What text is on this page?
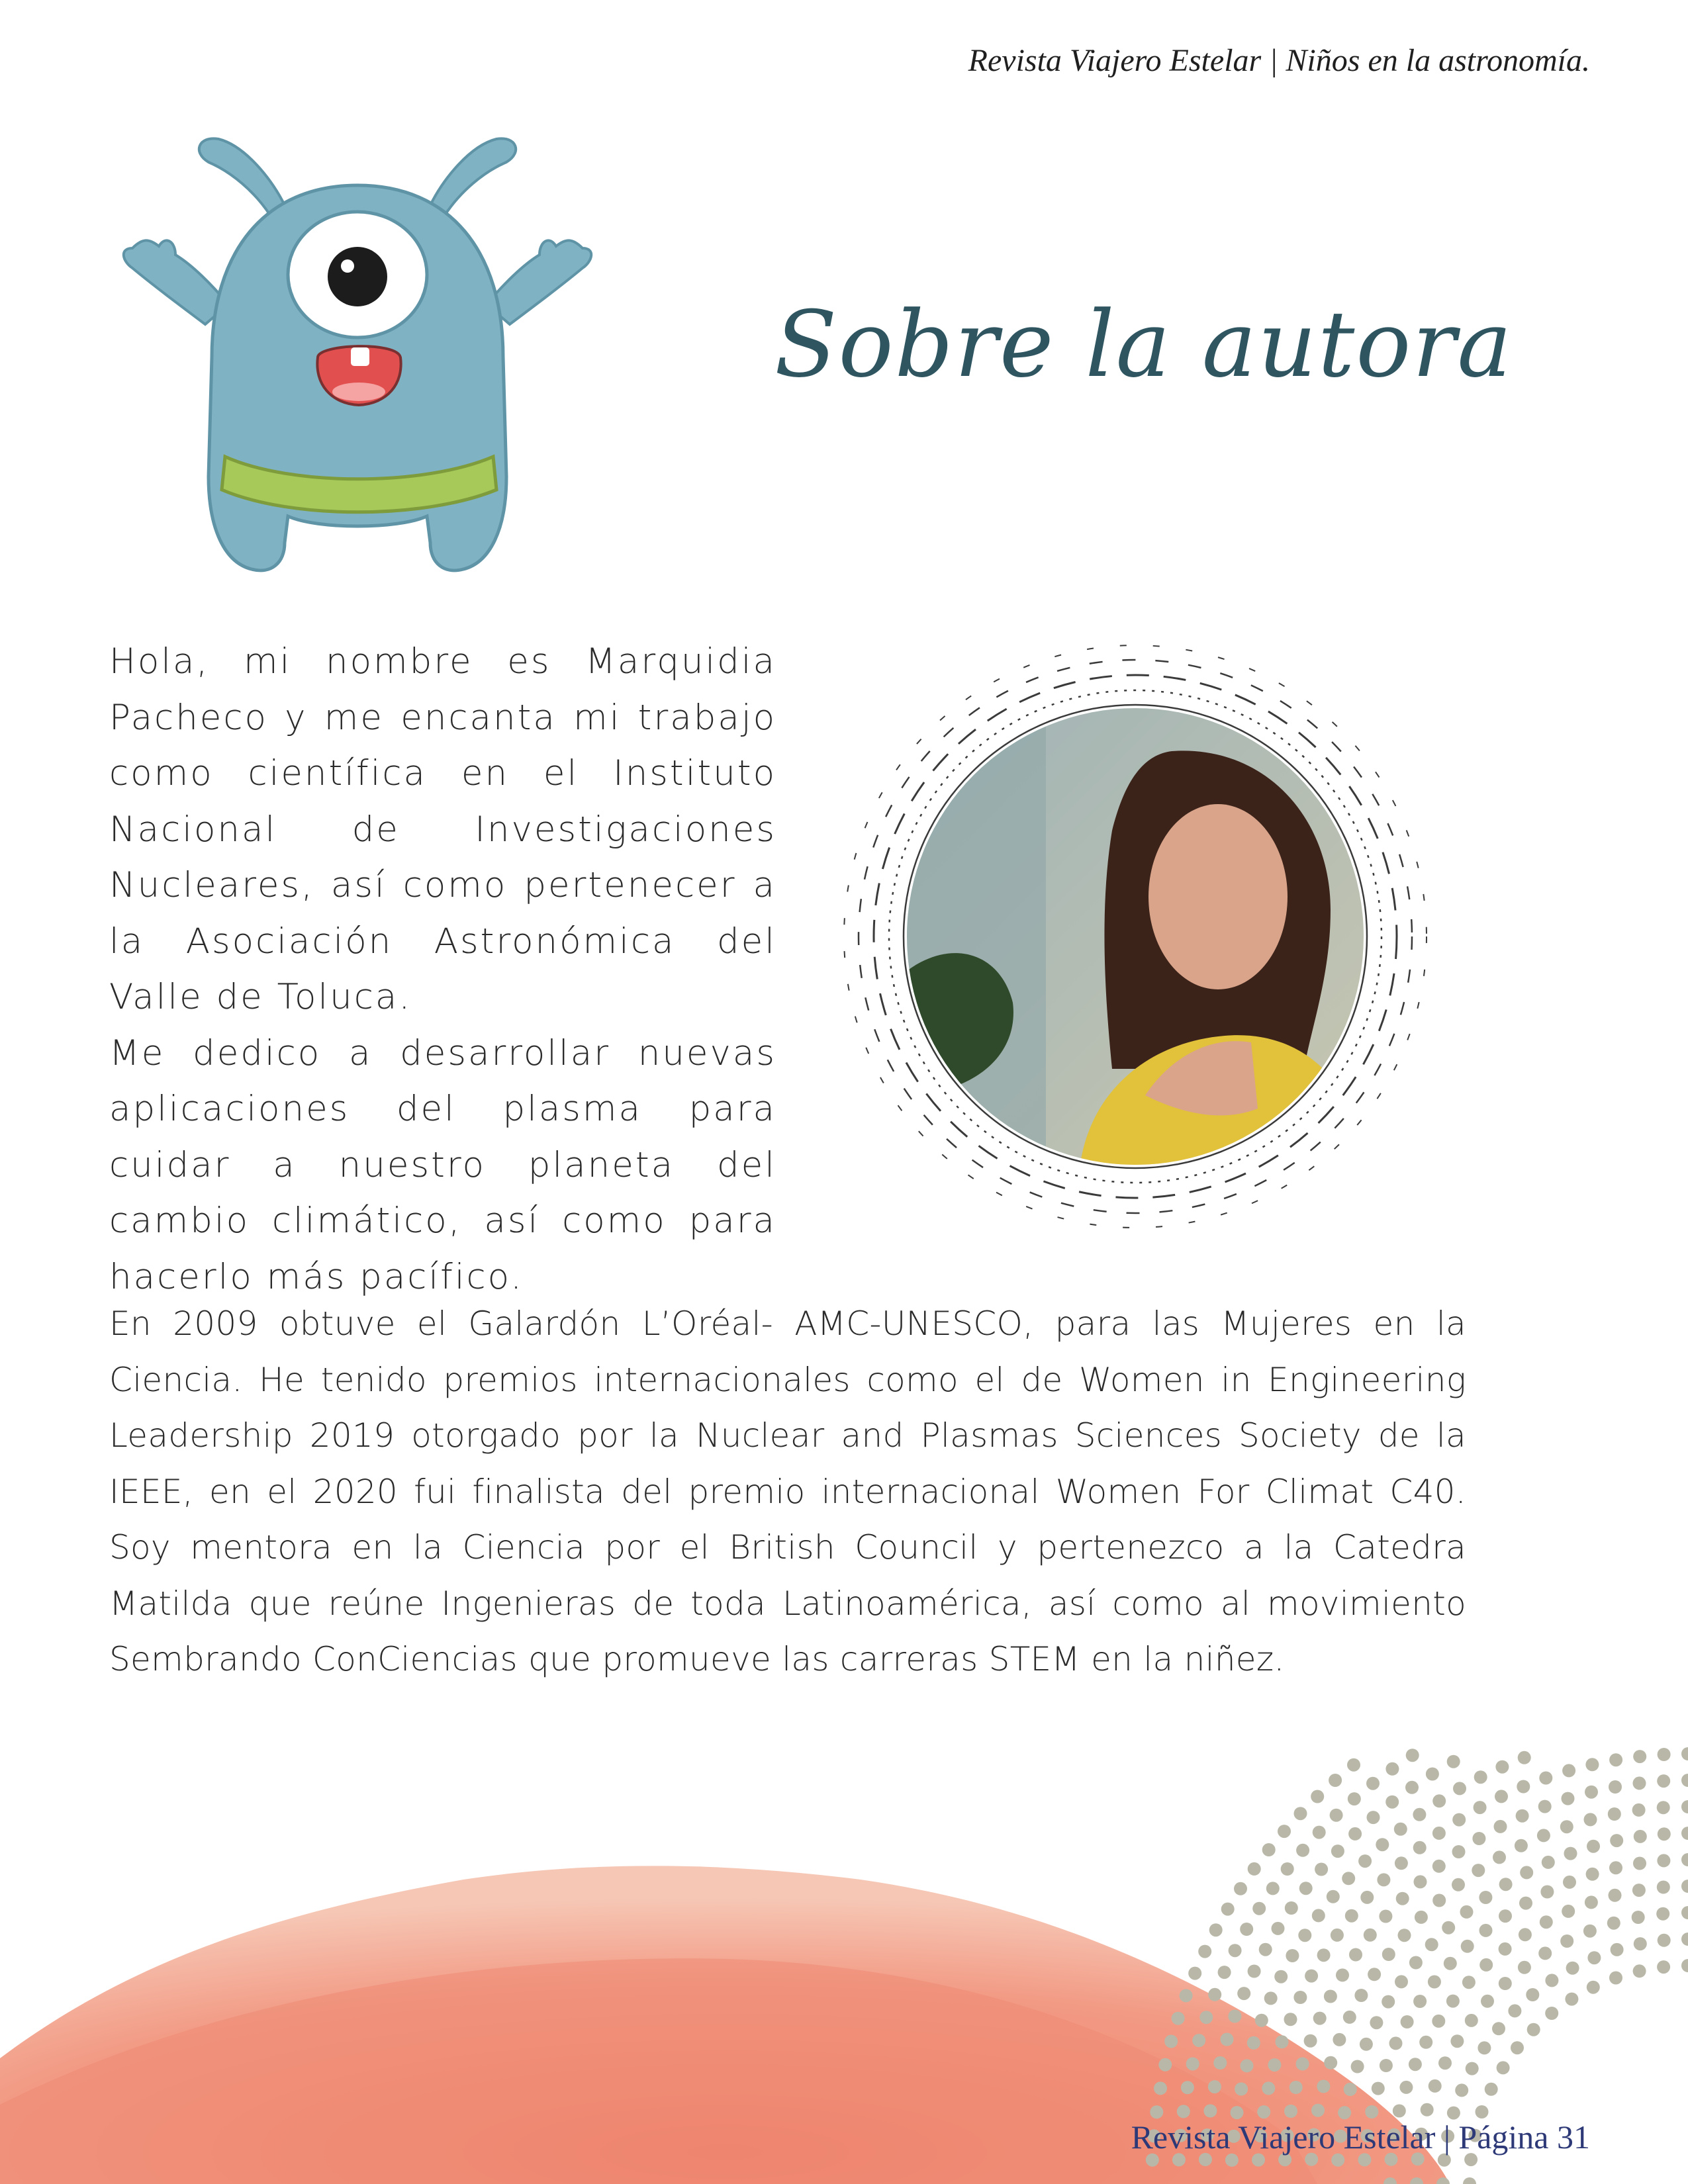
Revista Viajero Estelar | Niños en la astronomía.
Sobre la autora
Hola, mi nombre es Marquidia Pacheco y me encanta mi trabajo como científica en el Instituto Nacional de Investigaciones Nucleares, así como pertenecer a la Asociación Astronómica del Valle de Toluca.
Me dedico a desarrollar nuevas aplicaciones del plasma para cuidar a nuestro planeta del cambio climático, así como para hacerlo más pacífico.
En 2009 obtuve el Galardón L’Oréal- AMC-UNESCO, para las Mujeres en la Ciencia. He tenido premios internacionales como el de Women in Engineering Leadership 2019 otorgado por la Nuclear and Plasmas Sciences Society de la IEEE, en el 2020 fui finalista del premio internacional Women For Climat C40. Soy mentora en la Ciencia por el British Council y pertenezco a la Catedra Matilda que reúne Ingenieras de toda Latinoamérica, así como al movimiento Sembrando ConCiencias que promueve las carreras STEM en la niñez.
Revista Viajero Estelar | Página 31
